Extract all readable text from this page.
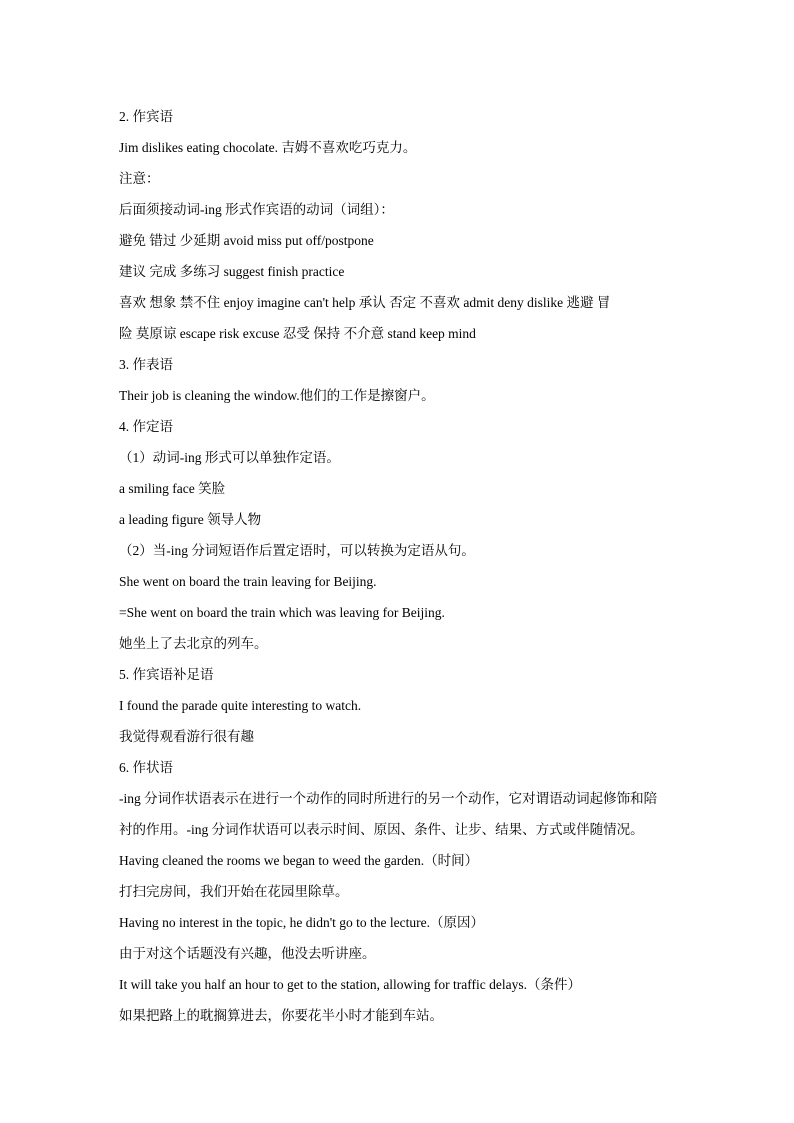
2. 作宾语
Jim dislikes eating chocolate. 吉姆不喜欢吃巧克力。
注意：
后面须接动词-ing 形式作宾语的动词（词组）：
避免 错过 少延期 avoid miss put off/postpone
建议 完成 多练习 suggest finish practice
喜欢 想象 禁不住 enjoy imagine can't help 承认 否定 不喜欢 admit deny dislike 逃避 冒
险 莫原谅 escape risk excuse 忍受 保持 不介意 stand keep mind
3. 作表语
Their job is cleaning the window.他们的工作是擦窗户。
4. 作定语
（1）动词-ing 形式可以单独作定语。
a smiling face 笑脸
a leading figure 领导人物
（2）当-ing 分词短语作后置定语时，可以转换为定语从句。
She went on board the train leaving for Beijing.
=She went on board the train which was leaving for Beijing.
她坐上了去北京的列车。
5. 作宾语补足语
I found the parade quite interesting to watch.
我觉得观看游行很有趣
6. 作状语
-ing 分词作状语表示在进行一个动作的同时所进行的另一个动作，它对谓语动词起修饰和陪
衬的作用。-ing 分词作状语可以表示时间、原因、条件、让步、结果、方式或伴随情况。
Having cleaned the rooms we began to weed the garden.（时间）
打扫完房间，我们开始在花园里除草。
Having no interest in the topic, he didn't go to the lecture.（原因）
由于对这个话题没有兴趣，他没去听讲座。
It will take you half an hour to get to the station, allowing for traffic delays.（条件）
如果把路上的耽搁算进去，你要花半小时才能到车站。
